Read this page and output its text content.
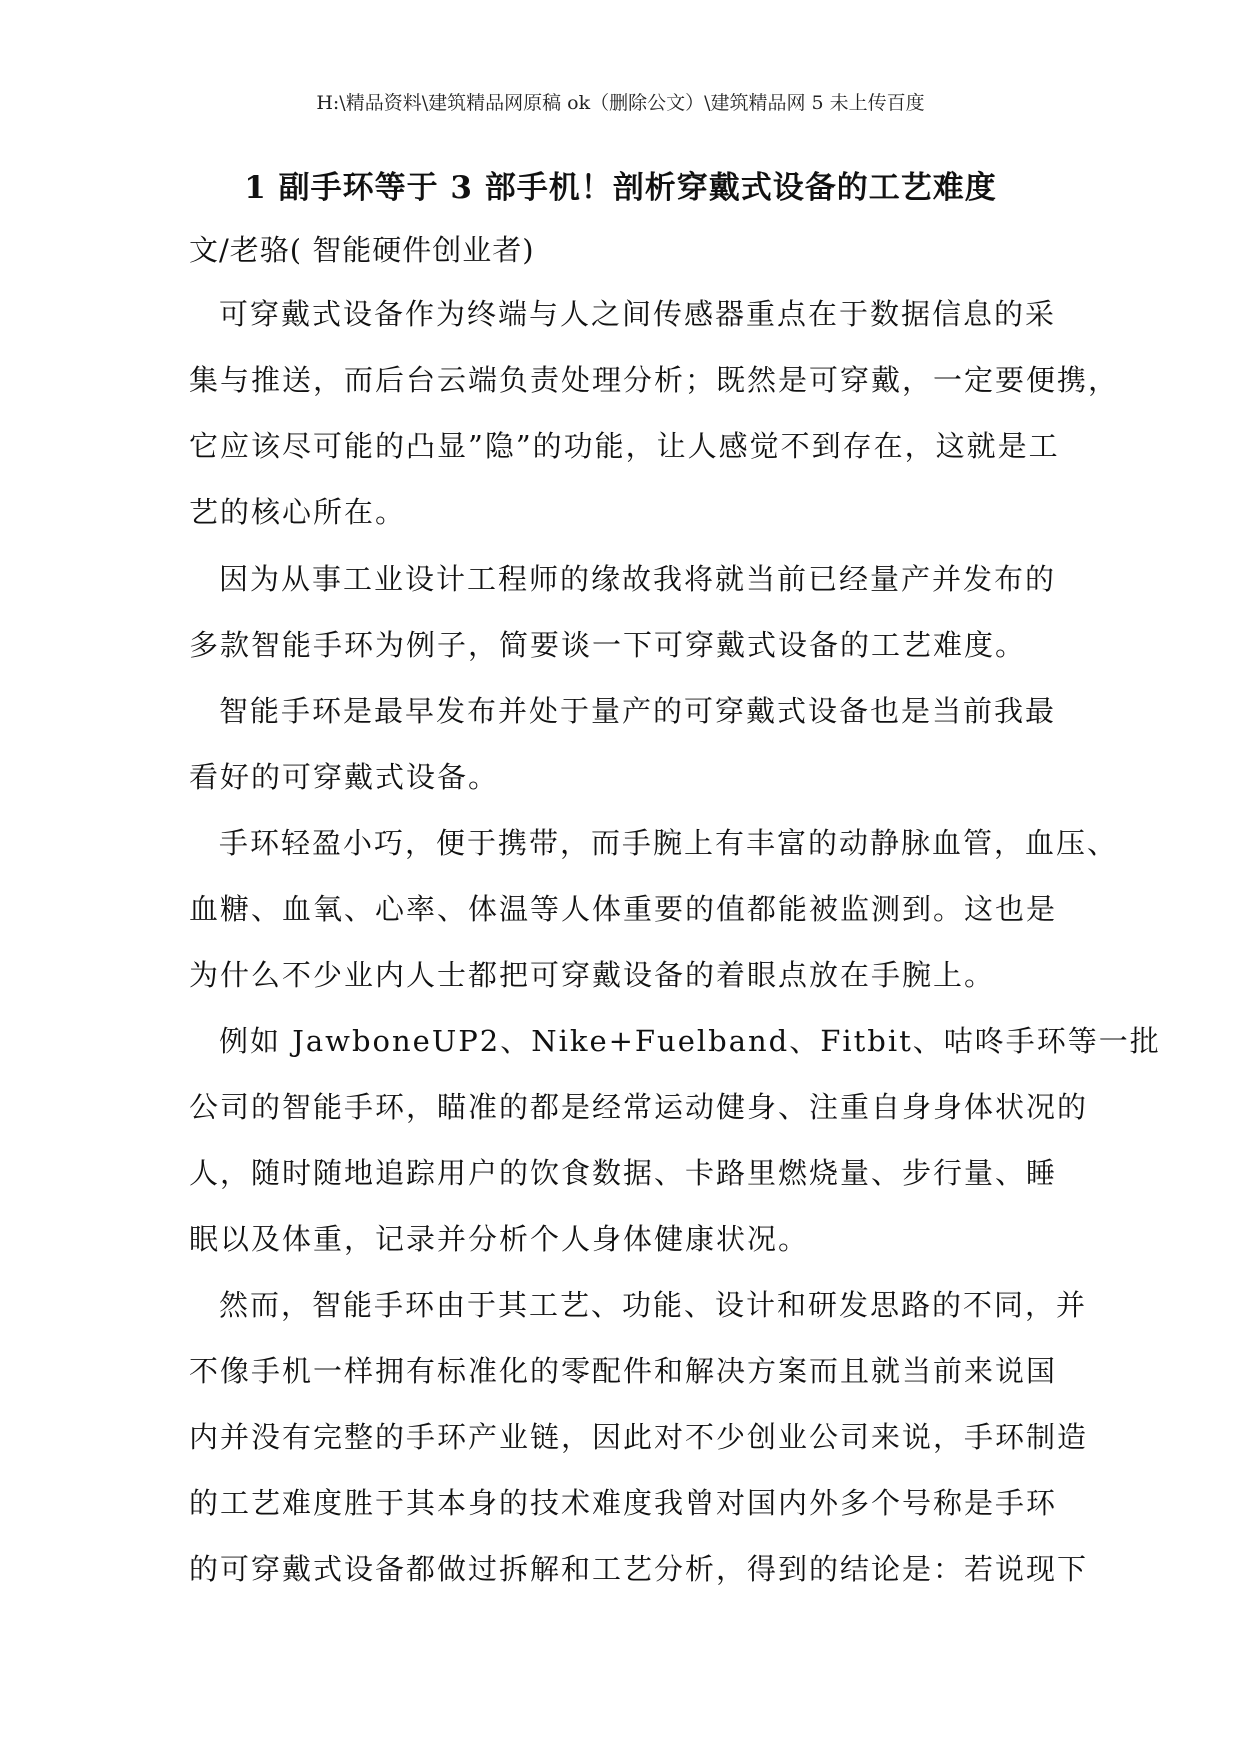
H:\精品资料\建筑精品网原稿 ok（删除公文）\建筑精品网 5 未上传百度
1 副手环等于 3 部手机！剖析穿戴式设备的工艺难度
文/老骆( 智能硬件创业者)
可穿戴式设备作为终端与人之间传感器重点在于数据信息的采
集与推送，而后台云端负责处理分析；既然是可穿戴，一定要便携，
它应该尽可能的凸显”隐”的功能，让人感觉不到存在，这就是工
艺的核心所在。
因为从事工业设计工程师的缘故我将就当前已经量产并发布的
多款智能手环为例子，简要谈一下可穿戴式设备的工艺难度。
智能手环是最早发布并处于量产的可穿戴式设备也是当前我最
看好的可穿戴式设备。
手环轻盈小巧，便于携带，而手腕上有丰富的动静脉血管，血压、
血糖、血氧、心率、体温等人体重要的值都能被监测到。这也是
为什么不少业内人士都把可穿戴设备的着眼点放在手腕上。
例如 JawboneUP2、Nike+Fuelband、Fitbit、咕咚手环等一批
公司的智能手环，瞄准的都是经常运动健身、注重自身身体状况的
人，随时随地追踪用户的饮食数据、卡路里燃烧量、步行量、睡
眠以及体重，记录并分析个人身体健康状况。
然而，智能手环由于其工艺、功能、设计和研发思路的不同，并
不像手机一样拥有标准化的零配件和解决方案而且就当前来说国
内并没有完整的手环产业链，因此对不少创业公司来说，手环制造
的工艺难度胜于其本身的技术难度我曾对国内外多个号称是手环
的可穿戴式设备都做过拆解和工艺分析，得到的结论是：若说现下
